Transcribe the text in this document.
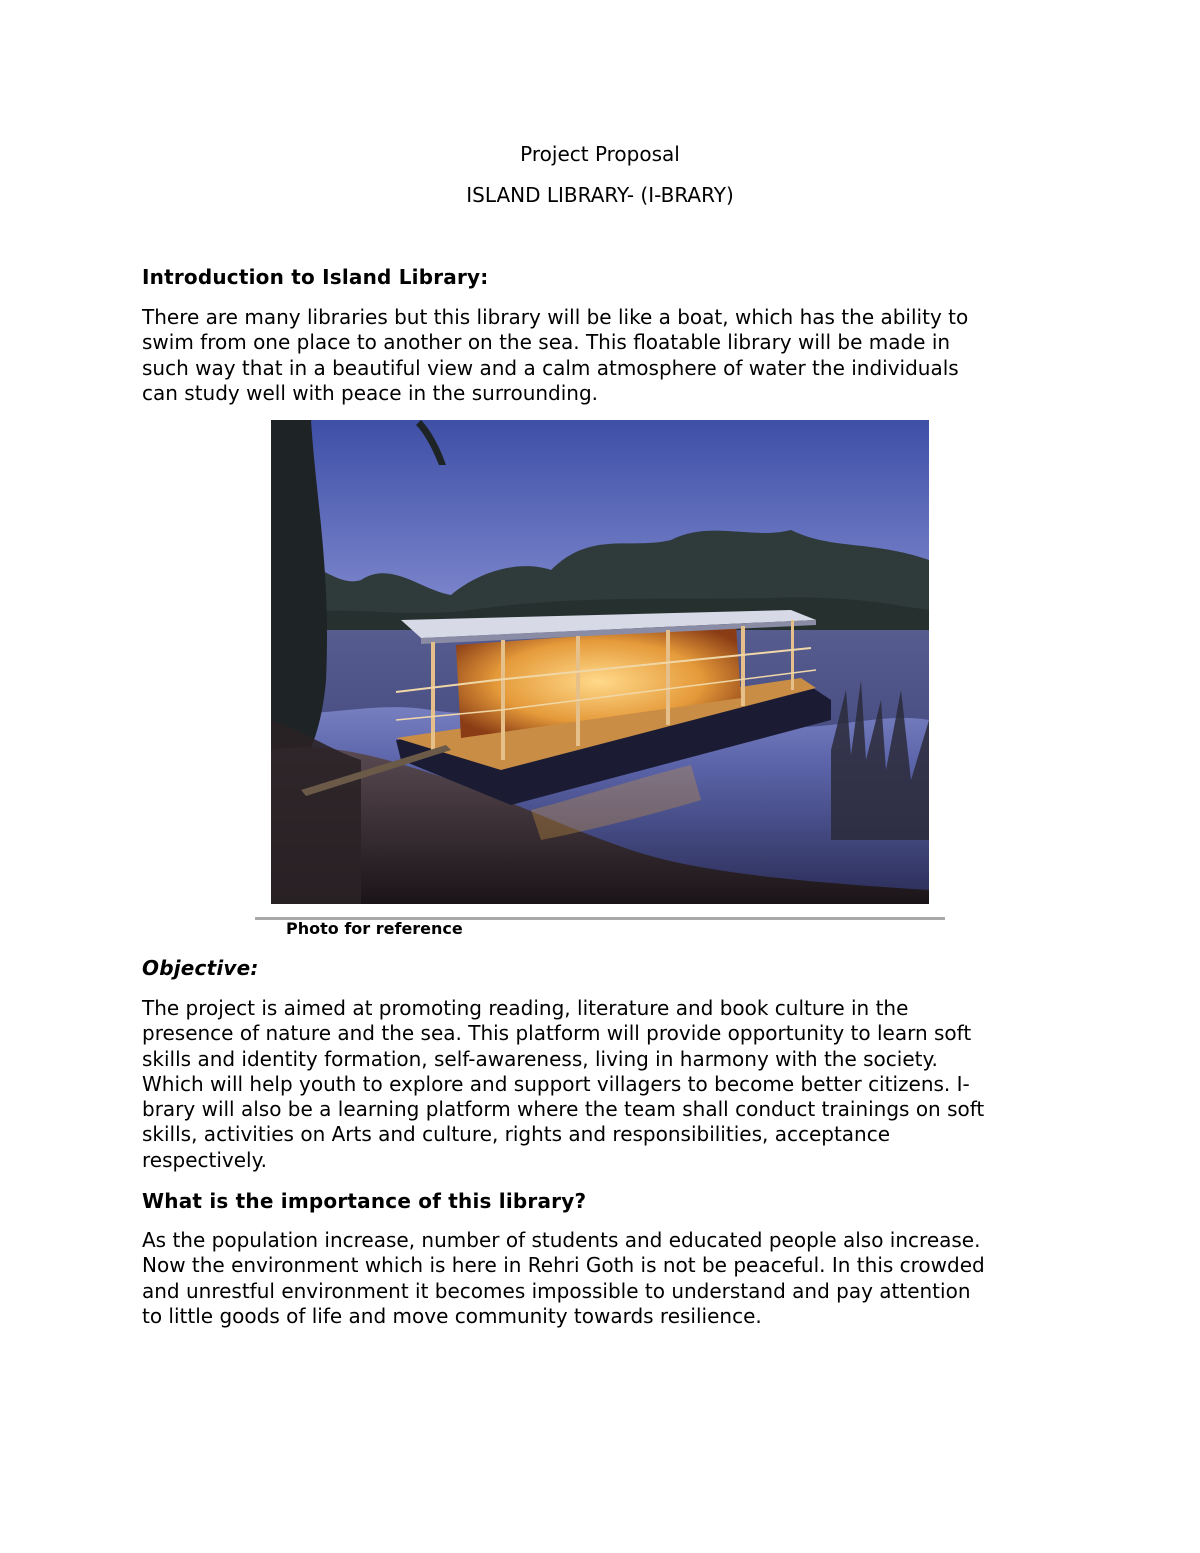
Project Proposal
ISLAND LIBRARY- (I-BRARY)
Introduction to Island Library:

There are many libraries but this library will be like a boat, which has the ability to
swim from one place to another on the sea. This floatable library will be made in
such way that in a beautiful view and a calm atmosphere of water the individuals
can study well with peace in the surrounding.

Photo for reference
Objective:

The project is aimed at promoting reading, literature and book culture in the
presence of nature and the sea. This platform will provide opportunity to learn soft
skills and identity formation, self-awareness, living in harmony with the society.
Which will help youth to explore and support villagers to become better citizens. I-
brary will also be a learning platform where the team shall conduct trainings on soft
skills, activities on Arts and culture, rights and responsibilities, acceptance
respectively.

What is the importance of this library?

As the population increase, number of students and educated people also increase.
Now the environment which is here in Rehri Goth is not be peaceful. In this crowded
and unrestful environment it becomes impossible to understand and pay attention
to little goods of life and move community towards resilience.
